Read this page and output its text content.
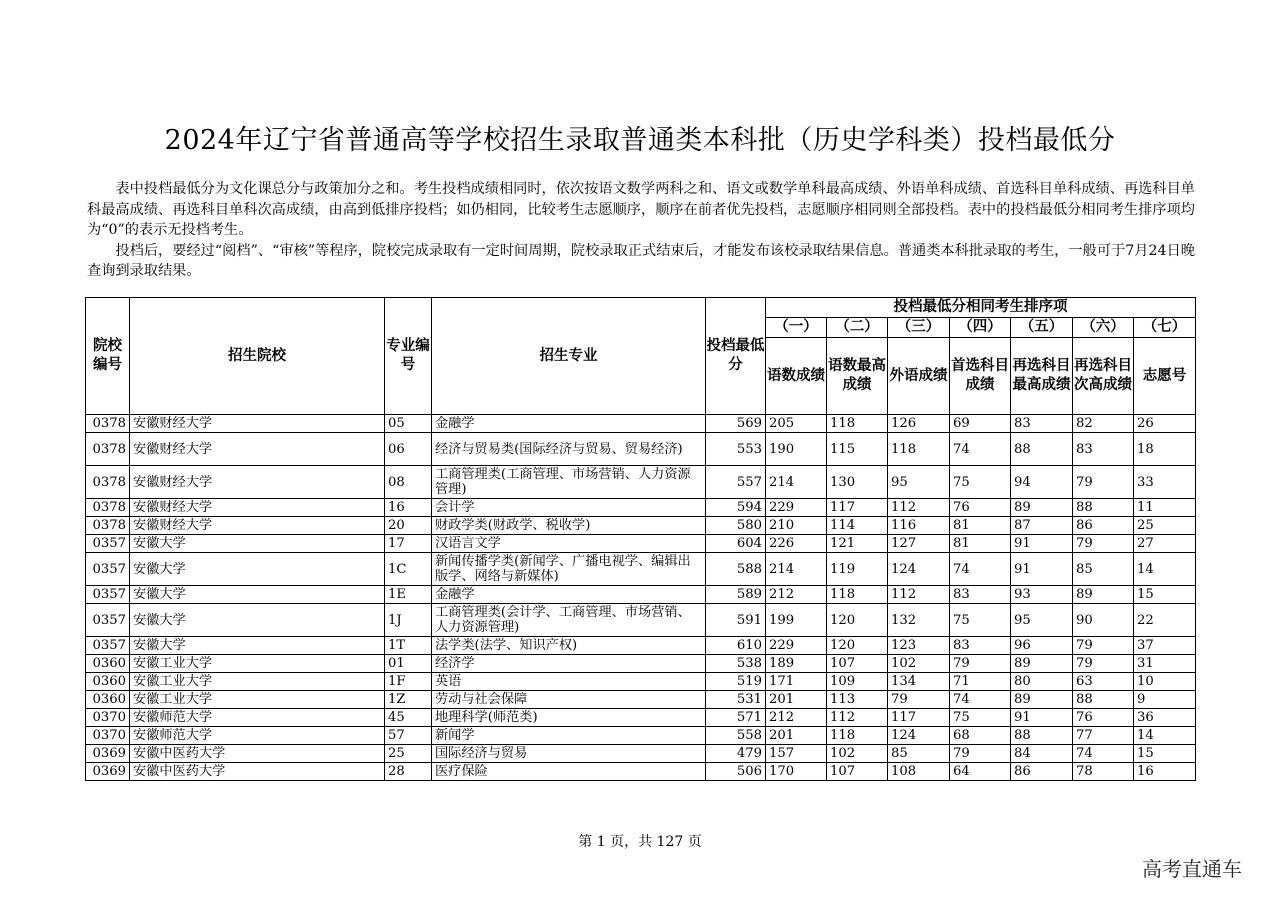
2024年辽宁省普通高等学校招生录取普通类本科批（历史学科类）投档最低分

表中投档最低分为文化课总分与政策加分之和。考生投档成绩相同时，依次按语文数学两科之和、语文或数学单科最高成绩、外语单科成绩、首选科目单科成绩、再选科目单科最高成绩、再选科目单科次高成绩，由高到低排序投档；如仍相同，比较考生志愿顺序，顺序在前者优先投档，志愿顺序相同则全部投档。表中的投档最低分相同考生排序项均为“0”的表示无投档考生。

投档后，要经过“阅档”、“审核”等程序，院校完成录取有一定时间周期，院校录取正式结束后，才能发布该校录取结果信息。普通类本科批录取的考生，一般可于7月24日晚查询到录取结果。

院校编号	招生院校	专业编号	招生专业	投档最低分	投档最低分相同考生排序项						
					（一）	（二）	（三）	（四）	（五）	（六）	（七）
					语数成绩	语数最高成绩	外语成绩	首选科目成绩	再选科目最高成绩	再选科目次高成绩	志愿号
0378	安徽财经大学	05	金融学	569	205	118	126	69	83	82	26
0378	安徽财经大学	06	经济与贸易类(国际经济与贸易、贸易经济)	553	190	115	118	74	88	83	18
0378	安徽财经大学	08	工商管理类(工商管理、市场营销、人力资源管理)	557	214	130	95	75	94	79	33
0378	安徽财经大学	16	会计学	594	229	117	112	76	89	88	11
0378	安徽财经大学	20	财政学类(财政学、税收学)	580	210	114	116	81	87	86	25
0357	安徽大学	17	汉语言文学	604	226	121	127	81	91	79	27
0357	安徽大学	1C	新闻传播学类(新闻学、广播电视学、编辑出版学、网络与新媒体)	588	214	119	124	74	91	85	14
0357	安徽大学	1E	金融学	589	212	118	112	83	93	89	15
0357	安徽大学	1J	工商管理类(会计学、工商管理、市场营销、人力资源管理)	591	199	120	132	75	95	90	22
0357	安徽大学	1T	法学类(法学、知识产权)	610	229	120	123	83	96	79	37
0360	安徽工业大学	01	经济学	538	189	107	102	79	89	79	31
0360	安徽工业大学	1F	英语	519	171	109	134	71	80	63	10
0360	安徽工业大学	1Z	劳动与社会保障	531	201	113	79	74	89	88	9
0370	安徽师范大学	45	地理科学(师范类)	571	212	112	117	75	91	76	36
0370	安徽师范大学	57	新闻学	558	201	118	124	68	88	77	14
0369	安徽中医药大学	25	国际经济与贸易	479	157	102	85	79	84	74	15
0369	安徽中医药大学	28	医疗保险	506	170	107	108	64	86	78	16
第 1 页，共 127 页
高考直通车
